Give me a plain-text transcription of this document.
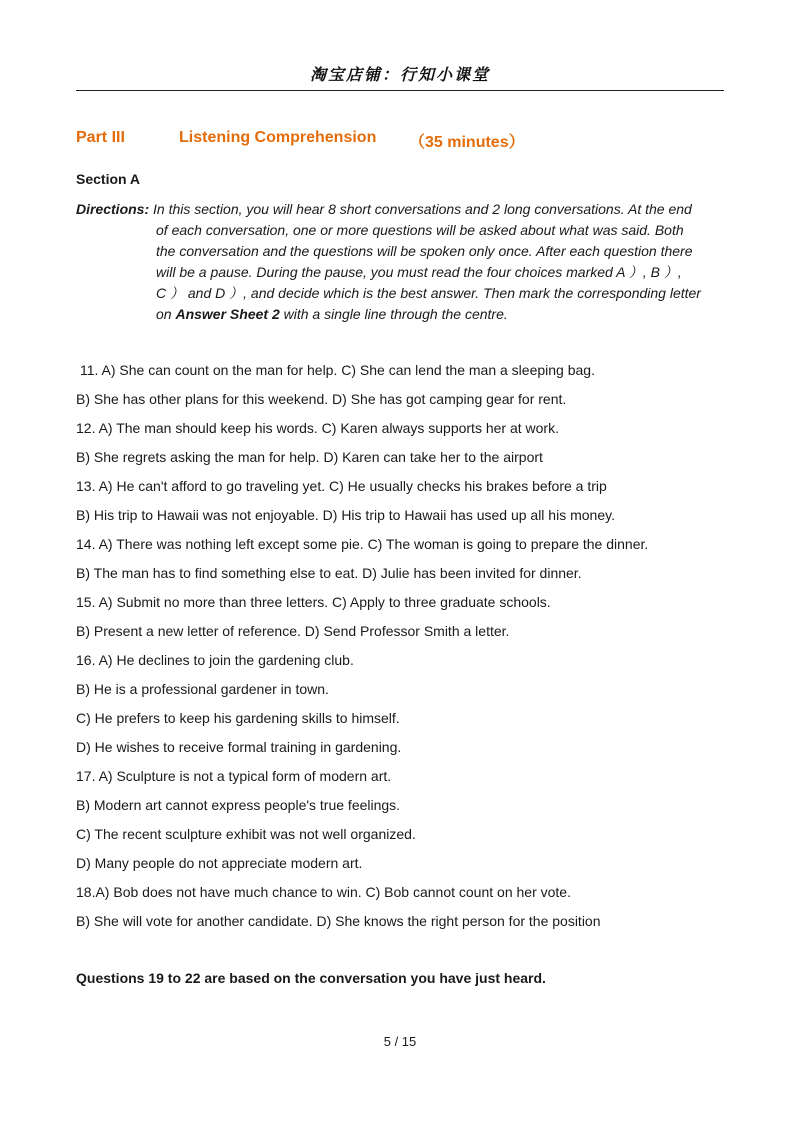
淘宝店铺：行知小课堂
Part III	Listening Comprehension （35 minutes）
Section A
Directions: In this section, you will hear 8 short conversations and 2 long conversations. At the end
of each conversation, one or more questions will be asked about what was said. Both
the conversation and the questions will be spoken only once. After each question there
will be a pause. During the pause, you must read the four choices marked A ）, B ）,
C ） and D ）, and decide which is the best answer. Then mark the corresponding letter
on Answer Sheet 2 with a single line through the centre.
11. A) She can count on the man for help. C) She can lend the man a sleeping bag.
B) She has other plans for this weekend. D) She has got camping gear for rent.
12. A) The man should keep his words. C) Karen always supports her at work.
B) She regrets asking the man for help. D) Karen can take her to the airport
13. A) He can't afford to go traveling yet. C) He usually checks his brakes before a trip
B) His trip to Hawaii was not enjoyable. D) His trip to Hawaii has used up all his money.
14. A) There was nothing left except some pie. C) The woman is going to prepare the dinner.
B) The man has to find something else to eat. D) Julie has been invited for dinner.
15. A) Submit no more than three letters. C) Apply to three graduate schools.
B) Present a new letter of reference. D) Send Professor Smith a letter.
16. A) He declines to join the gardening club.
B) He is a professional gardener in town.
C) He prefers to keep his gardening skills to himself.
D) He wishes to receive formal training in gardening.
17. A) Sculpture is not a typical form of modern art.
B) Modern art cannot express people's true feelings.
C) The recent sculpture exhibit was not well organized.
D) Many people do not appreciate modern art.
18.A) Bob does not have much chance to win. C) Bob cannot count on her vote.
B) She will vote for another candidate. D) She knows the right person for the position
Questions 19 to 22 are based on the conversation you have just heard.
5 / 15
